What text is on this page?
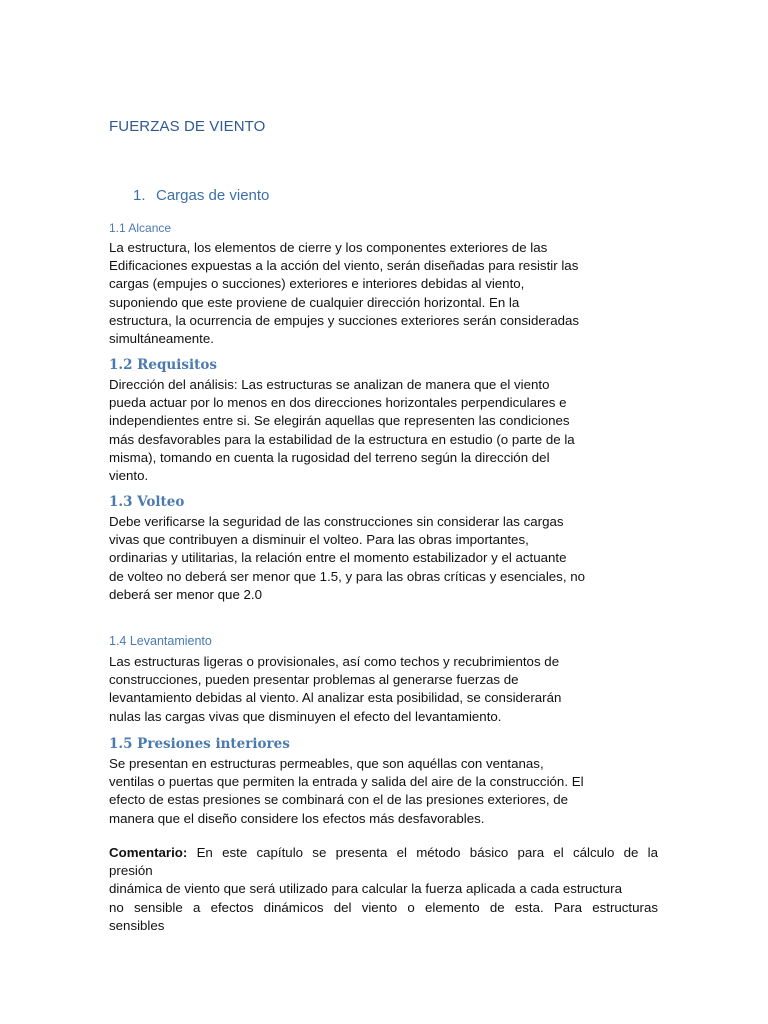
FUERZAS DE VIENTO
1. Cargas de viento
1.1 Alcance
La estructura, los elementos de cierre y los componentes exteriores de las
Edificaciones expuestas a la acción del viento, serán diseñadas para resistir las
cargas (empujes o succiones) exteriores e interiores debidas al viento,
suponiendo que este proviene de cualquier dirección horizontal. En la
estructura, la ocurrencia de empujes y succiones exteriores serán consideradas
simultáneamente.
1.2 Requisitos
Dirección del análisis: Las estructuras se analizan de manera que el viento
pueda actuar por lo menos en dos direcciones horizontales perpendiculares e
independientes entre si. Se elegirán aquellas que representen las condiciones
más desfavorables para la estabilidad de la estructura en estudio (o parte de la
misma), tomando en cuenta la rugosidad del terreno según la dirección del
viento.
1.3 Volteo
Debe verificarse la seguridad de las construcciones sin considerar las cargas
vivas que contribuyen a disminuir el volteo. Para las obras importantes,
ordinarias y utilitarias, la relación entre el momento estabilizador y el actuante
de volteo no deberá ser menor que 1.5, y para las obras críticas y esenciales, no
deberá ser menor que 2.0
1.4 Levantamiento
Las estructuras ligeras o provisionales, así como techos y recubrimientos de
construcciones, pueden presentar problemas al generarse fuerzas de
levantamiento debidas al viento. Al analizar esta posibilidad, se considerarán
nulas las cargas vivas que disminuyen el efecto del levantamiento.
1.5 Presiones interiores
Se presentan en estructuras permeables, que son aquéllas con ventanas,
ventilas o puertas que permiten la entrada y salida del aire de la construcción. El
efecto de estas presiones se combinará con el de las presiones exteriores, de
manera que el diseño considere los efectos más desfavorables.
Comentario: En este capítulo se presenta el método básico para el cálculo de la
presión
dinámica de viento que será utilizado para calcular la fuerza aplicada a cada estructura
no sensible a efectos dinámicos del viento o elemento de esta. Para estructuras
sensibles
